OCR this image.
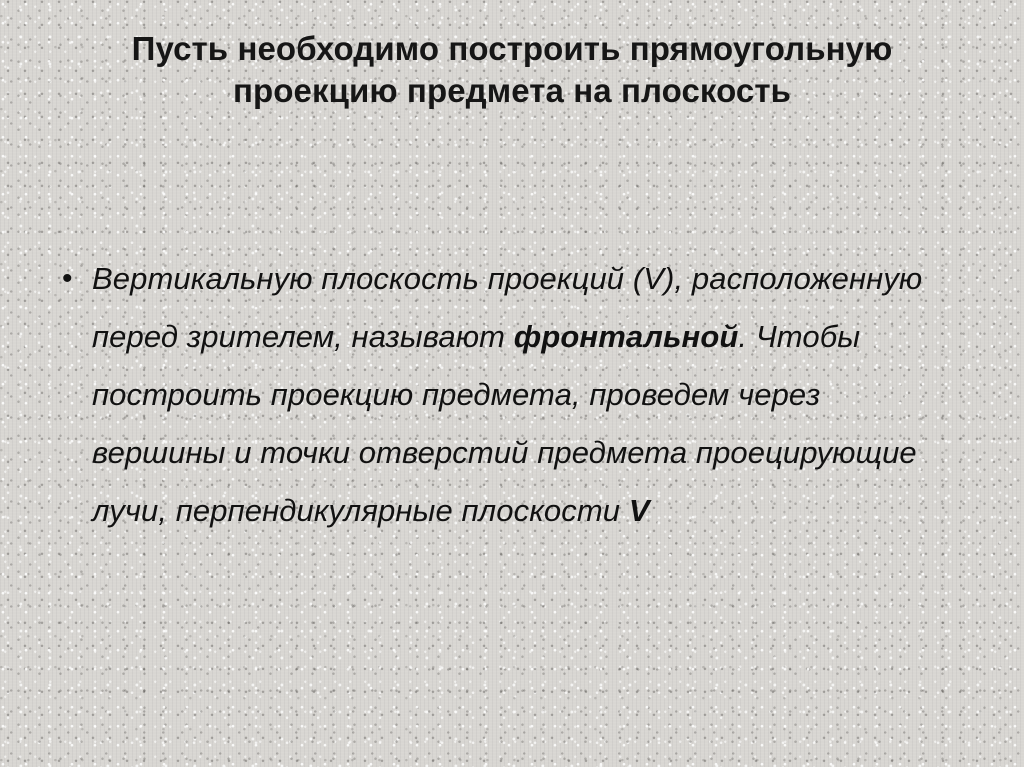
Пусть необходимо построить прямоугольную проекцию предмета на плоскость
• Вертикальную плоскость проекций (V), расположенную перед зрителем, называют фронтальной. Чтобы построить проекцию предмета, проведем через вершины и точки отверстий предмета проецирующие лучи, перпендикулярные плоскости V
